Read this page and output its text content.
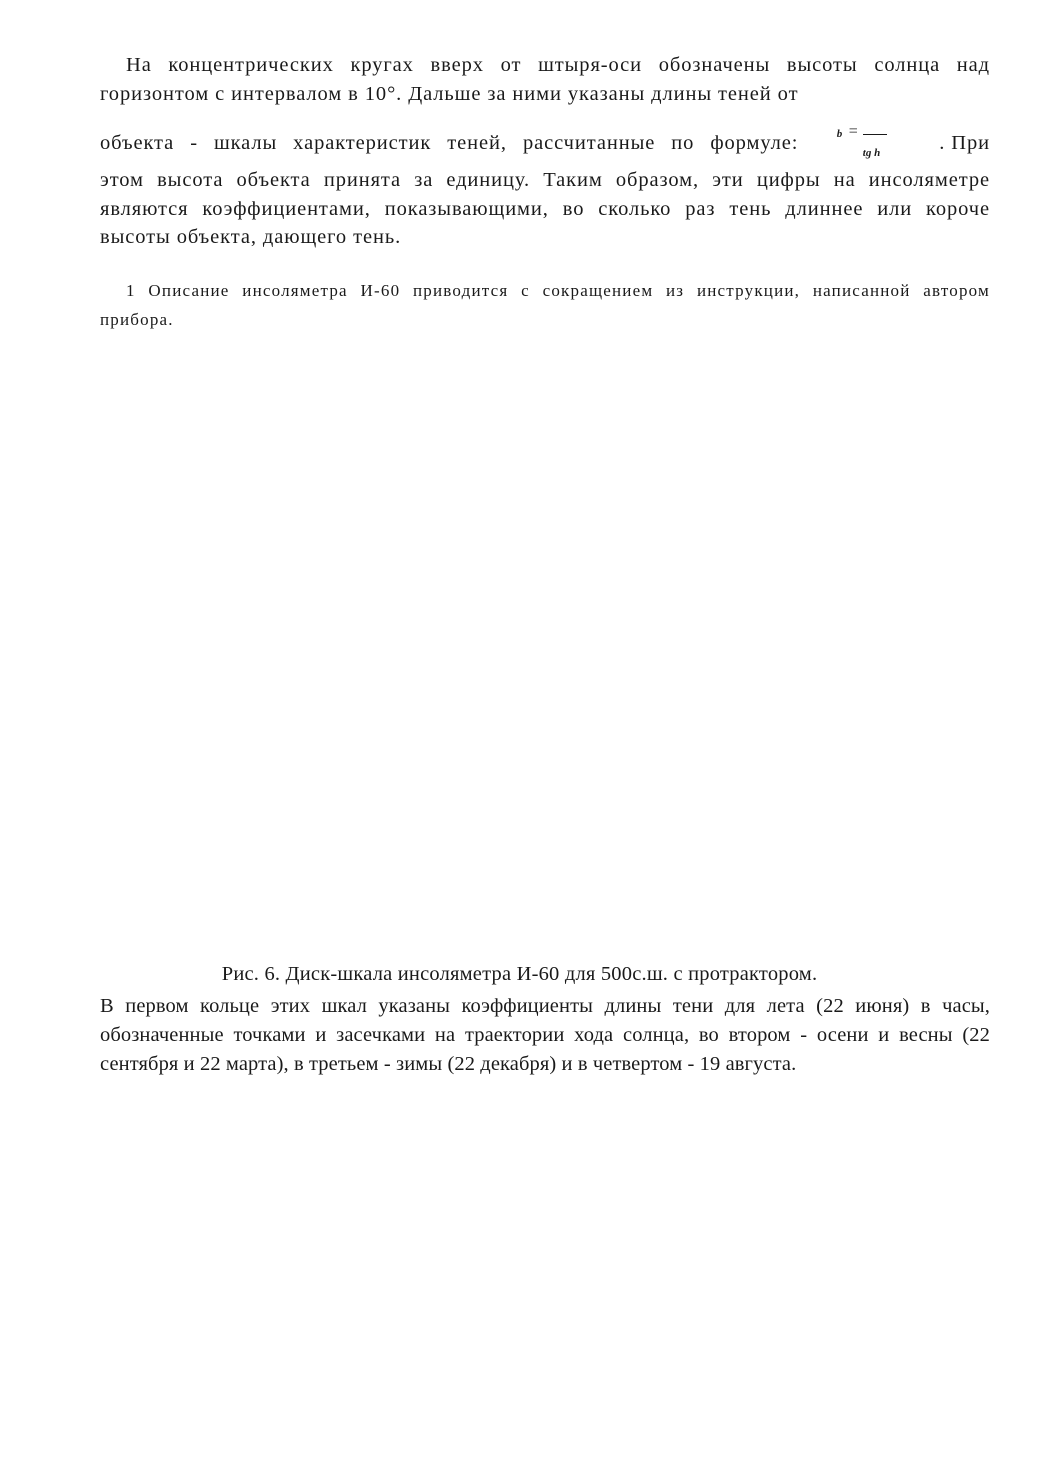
На концентрических кругах вверх от штыря-оси обозначены высоты солнца над горизонтом с интервалом в 10°. Дальше за ними указаны длины теней от

объекта - шкалы характеристик теней, рассчитанные по формуле:	b =
tg h	. При

этом высота объекта принята за единицу. Таким образом, эти цифры на инсоляметре являются коэффициентами, показывающими, во сколько раз тень длиннее или короче высоты объекта, дающего тень.

1 Описание инсоляметра И-60 приводится с сокращением из инструкции, написанной автором прибора.

Рис. 6. Диск-шкала инсоляметра И-60 для 500с.ш. с протрактором.

В первом кольце этих шкал указаны коэффициенты длины тени для лета (22 июня) в часы, обозначенные точками и засечками на траектории хода солнца, во втором - осени и весны (22 сентября и 22 марта), в третьем - зимы (22 декабря) и в четвертом - 19 августа.
